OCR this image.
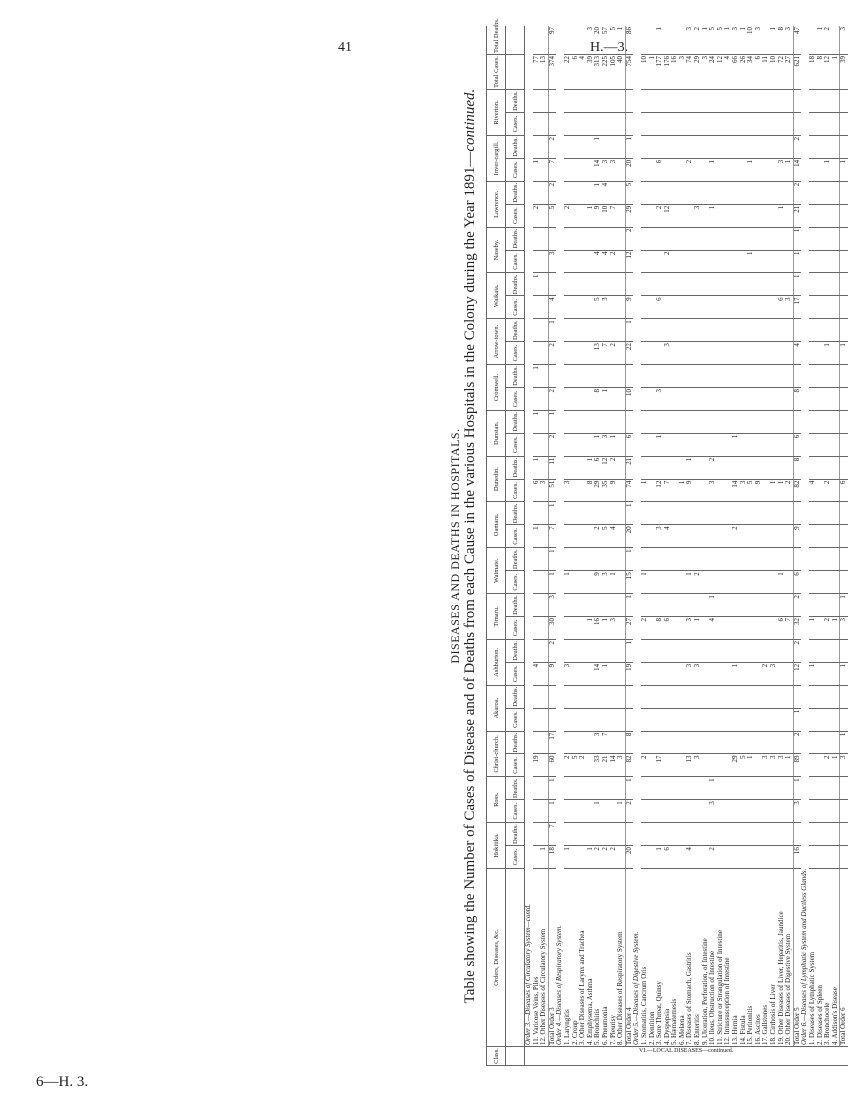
41	H.—3.
6—H. 3.
DISEASES AND DEATHS IN HOSPITALS. Table showing the Number of Cases of Disease and of Deaths from each Cause in the various Hospitals in the Colony during the Year 1891—continued.
Class.	Orders, Diseases, &c.	Hokitika.		Ross.		Christ-church.		Akaroa.		Ashburton.		Timaru.		Waimate.		Oamaru.		Dunedin.		Dunstan.		Cromwell.		Arrow-town.		Waikaia.		Naseby.		Lawrence.		Inver-cargill.		Riverton.		Total Cases.	Total Deaths.
		Cases.	Deaths.	Cases.	Deaths.	Cases.	Deaths.	Cases.	Deaths.	Cases.	Deaths.	Cases.	Deaths.	Cases.	Deaths.	Cases.	Deaths.	Cases.	Deaths.	Cases.	Deaths.	Cases.	Deaths.	Cases.	Deaths.	Cases.	Deaths.	Cases.	Deaths.	Cases.	Deaths.	Cases.	Deaths.	Cases.	Deaths.		
VI.—LOCAL DISEASES—continued.	Order 3.—Diseases of Circulatory System—contd.																																				
	11. Varicose Veins, Piles					19				4						1		6	1		1		1				1			2		1				77	
	12. Other Diseases of Circulatory System	1																3																		13	
	Total Order 3	18	7	1	1	60	17			9	2	30	3	1	1	7	1	51	11	2	1	2		2	1	4		3		5	2	7	2			374	97
	Order 4.—Diseases of Respiratory System.																																				
	1. Laryngitis	1				2				3				1				3												2						22	
	2. Croup					5																														6	
	3. Other Diseases of Larynx and Trachea					2																														4	
	4. Emphysema, Asthma	1										1						8	1											1						39	3
	5. Bronchitis	2		1		33	3			14		16		9		2		29	6	1		8		13		5		4		9	1	14	1			313	20
	6. Pneumonia	2				21	7			1		1		3		5		35	12	3		1		7		3		4		10	4	3				225	57
	7. Pleurisy	2				14						3		1		4		9	2	1				2				2		7		3				105	5
	8. Other Diseases of Respiratory System			1		3																														40	1
	Total Order 4	20		2	1	82	8			19	1	27	1	15	1	20	1	74	21	6		10		22	1	9		12	2	29	5	20	1			754	86
	Order 5.—Diseases of Digestive System.																																				
	1. Stomatitis, Cancrum Oris					2						2		1				1																		10	
	2. Dentition																																			1	
	3. Sore Throat, Quinsy	1				17						8				3		12		1		3				6				2		6				177	1
	4. Dyspepsia	6										6				4		7						3				2		12						176	
	5. Hæmatemesis																																			16	
	6. Melæna																	1																		3	
	7. Diseases of Stomach, Gastritis	4				13				3		3		1				9	1													2				74	3
	8. Enteritis					3				3		1		2																3						29	2
	9. Ulceration, Perforation, of Intestine																																			3	1
	10. Ileus, Obstruction of Intestine	2		3	1							4	1					3	2											1		1				24	5
	11. Stricture or Strangulation of Intestine																																			12	5
	12. Intussusception of Intestine																																			4	1
	13. Hernia					29				1						2		14		1																66	3
	14. Fistula					5												3																		26	1
	15. Peritonitis					1												5										1				1				34	10
	16. Ascites																	9																		6	3
	17. Gallstones					3				2																										11	
	18. Cirrhosis of Liver					3				3								1																		10	1
	19. Other Diseases of Liver, Hepatitis, Jaundice					3						6		1				1								6				1		3				72	8
	20. Other Diseases of Digestive System					1						7						2								3						1				27	3
	Total Order 5	16		3	1	89	2	1		12	2	32	2	6		9		82	8	6		8		4		17	1	1	1	21	2	14	2			621	47
	Order 6.—Diseases of Lymphatic System and Ductless Glands.																																				
	1. Diseases of Lymphatic System									1		1						4																		18	
	2. Diseases of Spleen																																			8	1
	3. Bronchocele					2						2						2						1								1				12	2
	4. Addison's Disease					1						1																								1	
	Total Order 6					3	1			1		3	1					6						1								1				39	3
